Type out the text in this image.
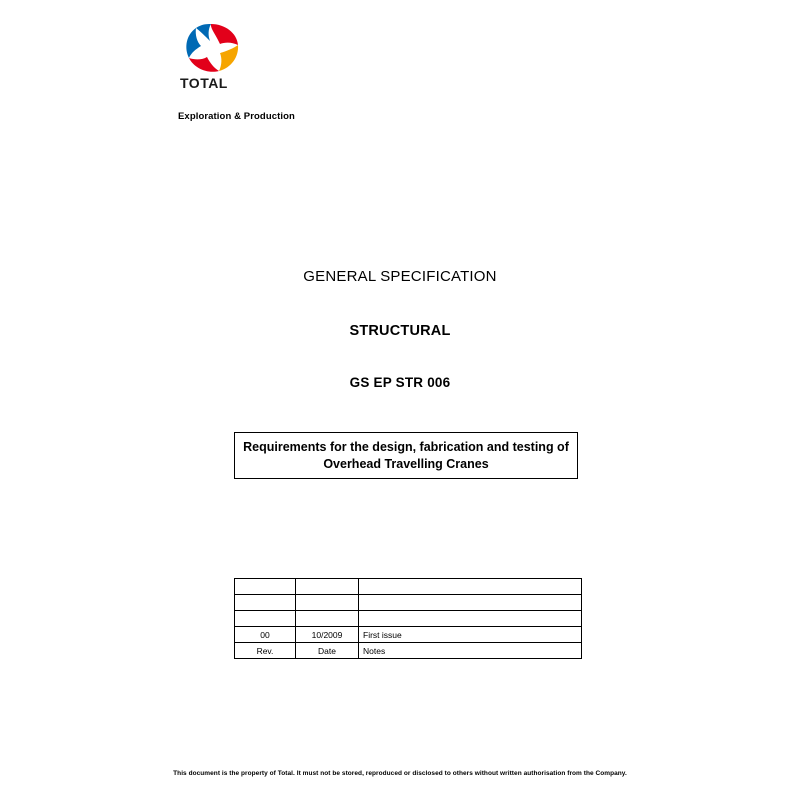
TOTAL
Exploration & Production
GENERAL SPECIFICATION
STRUCTURAL
GS EP STR 006
Requirements for the design, fabrication and testing of Overhead Travelling Cranes

00	10/2009	First issue
Rev.	Date	Notes
This document is the property of Total. It must not be stored, reproduced or disclosed to others without written authorisation from the Company.
